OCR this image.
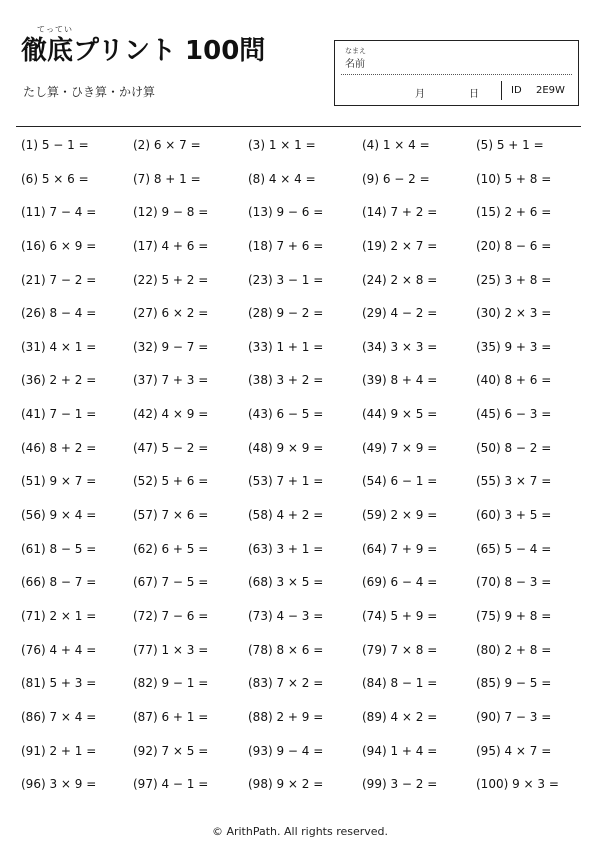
てってい
徹底プリント 100問
たし算・ひき算・かけ算
なまえ
名前
月	日	ID 2E9W
(1) 5 − 1 =	(2) 6 × 7 =	(3) 1 × 1 =	(4) 1 × 4 =	(5) 5 + 1 =
(6) 5 × 6 =	(7) 8 + 1 =	(8) 4 × 4 =	(9) 6 − 2 =	(10) 5 + 8 =
(11) 7 − 4 =	(12) 9 − 8 =	(13) 9 − 6 =	(14) 7 + 2 =	(15) 2 + 6 =
(16) 6 × 9 =	(17) 4 + 6 =	(18) 7 + 6 =	(19) 2 × 7 =	(20) 8 − 6 =
(21) 7 − 2 =	(22) 5 + 2 =	(23) 3 − 1 =	(24) 2 × 8 =	(25) 3 + 8 =
(26) 8 − 4 =	(27) 6 × 2 =	(28) 9 − 2 =	(29) 4 − 2 =	(30) 2 × 3 =
(31) 4 × 1 =	(32) 9 − 7 =	(33) 1 + 1 =	(34) 3 × 3 =	(35) 9 + 3 =
(36) 2 + 2 =	(37) 7 + 3 =	(38) 3 + 2 =	(39) 8 + 4 =	(40) 8 + 6 =
(41) 7 − 1 =	(42) 4 × 9 =	(43) 6 − 5 =	(44) 9 × 5 =	(45) 6 − 3 =
(46) 8 + 2 =	(47) 5 − 2 =	(48) 9 × 9 =	(49) 7 × 9 =	(50) 8 − 2 =
(51) 9 × 7 =	(52) 5 + 6 =	(53) 7 + 1 =	(54) 6 − 1 =	(55) 3 × 7 =
(56) 9 × 4 =	(57) 7 × 6 =	(58) 4 + 2 =	(59) 2 × 9 =	(60) 3 + 5 =
(61) 8 − 5 =	(62) 6 + 5 =	(63) 3 + 1 =	(64) 7 + 9 =	(65) 5 − 4 =
(66) 8 − 7 =	(67) 7 − 5 =	(68) 3 × 5 =	(69) 6 − 4 =	(70) 8 − 3 =
(71) 2 × 1 =	(72) 7 − 6 =	(73) 4 − 3 =	(74) 5 + 9 =	(75) 9 + 8 =
(76) 4 + 4 =	(77) 1 × 3 =	(78) 8 × 6 =	(79) 7 × 8 =	(80) 2 + 8 =
(81) 5 + 3 =	(82) 9 − 1 =	(83) 7 × 2 =	(84) 8 − 1 =	(85) 9 − 5 =
(86) 7 × 4 =	(87) 6 + 1 =	(88) 2 + 9 =	(89) 4 × 2 =	(90) 7 − 3 =
(91) 2 + 1 =	(92) 7 × 5 =	(93) 9 − 4 =	(94) 1 + 4 =	(95) 4 × 7 =
(96) 3 × 9 =	(97) 4 − 1 =	(98) 9 × 2 =	(99) 3 − 2 =	(100) 9 × 3 =
© ArithPath. All rights reserved.
